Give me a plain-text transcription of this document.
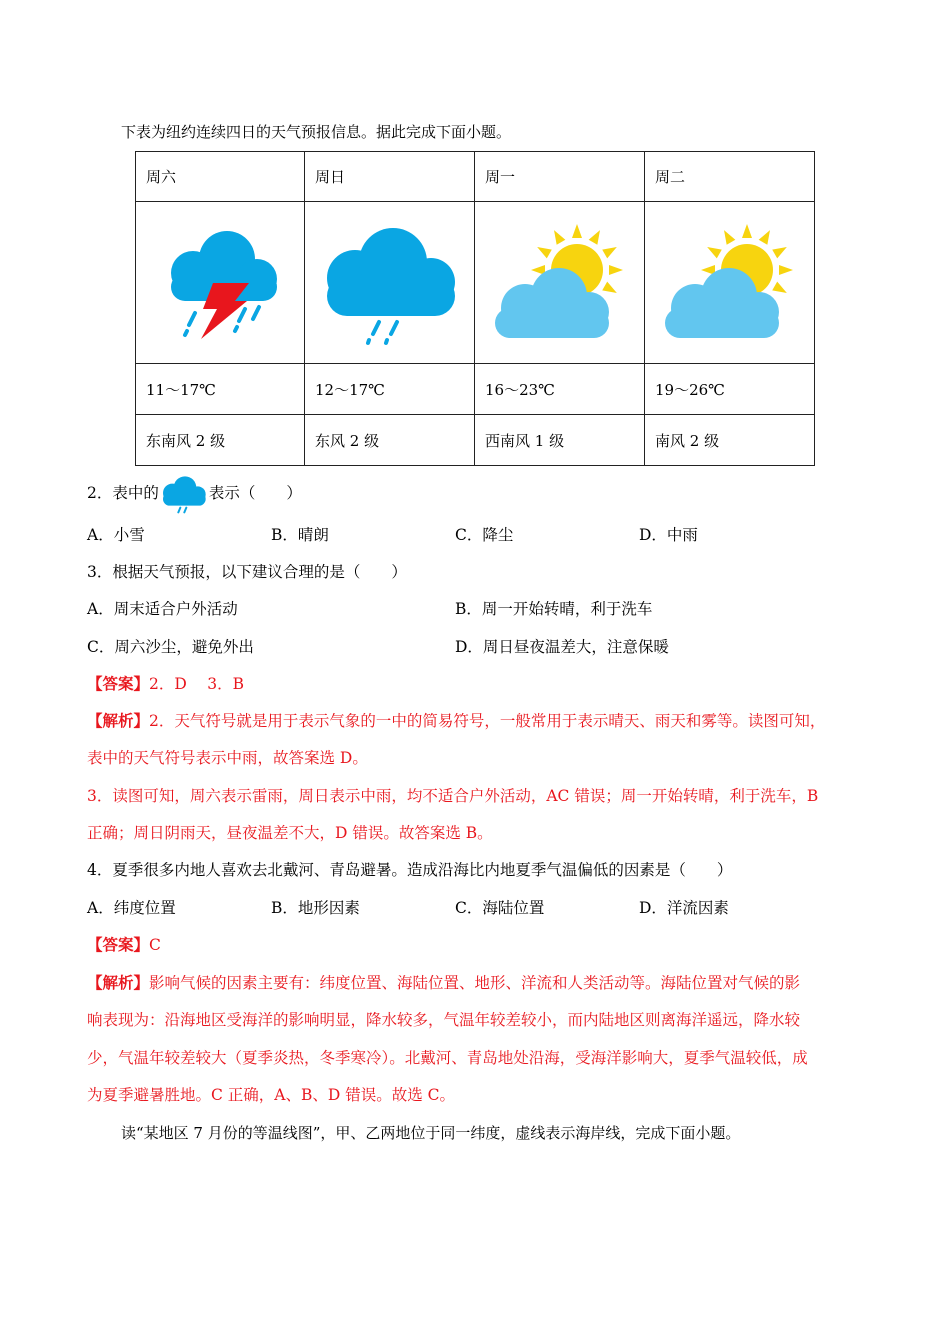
下表为纽约连续四日的天气预报信息。据此完成下面小题。
周六	周日	周一	周二

11～17℃	12～17℃	16～23℃	19～26℃
东南风 2 级	东风 2 级	西南风 1 级	南风 2 级
2．表中的	表示（　　）
A．小雪	B．晴朗	C．降尘	D．中雨
3．根据天气预报，以下建议合理的是（　　）
A．周末适合户外活动	B．周一开始转晴，利于洗车
C．周六沙尘，避免外出	D．周日昼夜温差大，注意保暖
【答案】2．D　 3．B
【解析】2．天气符号就是用于表示气象的一中的简易符号，一般常用于表示晴天、雨天和雾等。读图可知，
表中的天气符号表示中雨，故答案选 D。
3．读图可知，周六表示雷雨，周日表示中雨，均不适合户外活动，AC 错误；周一开始转晴，利于洗车，B
正确；周日阴雨天，昼夜温差不大，D 错误。故答案选 B。
4．夏季很多内地人喜欢去北戴河、青岛避暑。造成沿海比内地夏季气温偏低的因素是（　　）
A．纬度位置	B．地形因素	C．海陆位置	D．洋流因素
【答案】C
【解析】影响气候的因素主要有：纬度位置、海陆位置、地形、洋流和人类活动等。海陆位置对气候的影
响表现为：沿海地区受海洋的影响明显，降水较多，气温年较差较小，而内陆地区则离海洋遥远，降水较
少，气温年较差较大（夏季炎热，冬季寒冷）。北戴河、青岛地处沿海，受海洋影响大，夏季气温较低，成
为夏季避暑胜地。C 正确，A、B、D 错误。故选 C。
读“某地区 7 月份的等温线图”，甲、乙两地位于同一纬度，虚线表示海岸线，完成下面小题。
